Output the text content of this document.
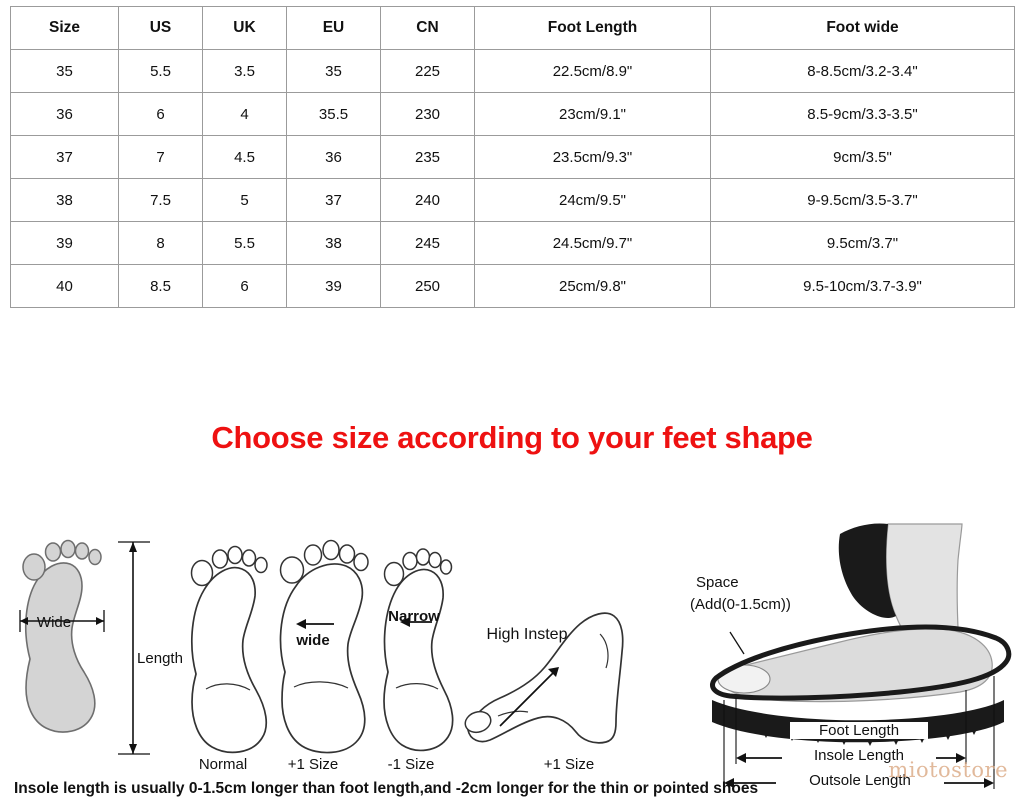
Size	US	UK	EU	CN	Foot Length	Foot wide
35	5.5	3.5	35	225	22.5cm/8.9"	8-8.5cm/3.2-3.4"
36	6	4	35.5	230	23cm/9.1"	8.5-9cm/3.3-3.5"
37	7	4.5	36	235	23.5cm/9.3"	9cm/3.5"
38	7.5	5	37	240	24cm/9.5"	9-9.5cm/3.5-3.7"
39	8	5.5	38	245	24.5cm/9.7"	9.5cm/3.7"
40	8.5	6	39	250	25cm/9.8"	9.5-10cm/3.7-3.9"
Choose size according to your feet shape
Wide
Length
Normal
wide
+1 Size
Narrow
-1 Size
High Instep
+1 Size
Space
(Add(0-1.5cm))
Foot Length
Insole Length
Outsole Length
Insole length is usually 0-1.5cm longer than foot length,and -2cm longer for the thin or pointed shoes
miotostore
